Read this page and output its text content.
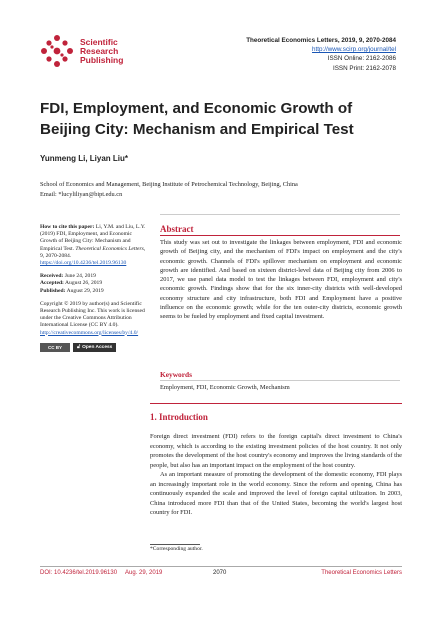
Scientific
Research
Publishing
Theoretical Economics Letters, 2019, 9, 2070-2084
http://www.scirp.org/journal/tel
ISSN Online: 2162-2086
ISSN Print: 2162-2078
FDI, Employment, and Economic Growth of
Beijing City: Mechanism and Empirical Test
Yunmeng Li, Liyan Liu*
School of Economics and Management, Beijing Institute of Petrochemical Technology, Beijing, China
Email: *lucyliliyan@bipt.edu.cn

How to cite this paper: Li, Y.M. and Liu, L.Y. (2019) FDI, Employment, and Economic Growth of Beijing City: Mechanism and Empirical Test. Theoretical Economics Letters, 9, 2070-2084.
https://doi.org/10.4236/tel.2019.96130

Received: June 24, 2019
Accepted: August 26, 2019
Published: August 29, 2019

Copyright © 2019 by author(s) and Scientific Research Publishing Inc. This work is licensed under the Creative Commons Attribution International License (CC BY 4.0).
http://creativecommons.org/licenses/by/4.0/

CC BY	🔓︎ Open Access
Abstract
This study was set out to investigate the linkages between employment, FDI and economic growth of Beijing city, and the mechanism of FDI's impact on employment and the city's economic growth. Channels of FDI's spillover mechanism on employment and economic growth are identified. And based on sixteen district-level data of Beijing city from 2006 to 2017, we use panel data model to test the linkages between FDI, employment and city's economic growth. Findings show that for the six inner-city districts with well-developed economy structure and city infrastructure, both FDI and Employment have a positive influence on the economic growth; while for the ten outer-city districts, economic growth seems to be fueled by employment and fixed capital investment.
Keywords
Employment, FDI, Economic Growth, Mechanism
1. Introduction

Foreign direct investment (FDI) refers to the foreign capital's direct investment to China's economy, which is according to the existing investment policies of the host country. It not only promotes the development of the host country's economy and improves the living standards of the people, but also has an important impact on the employment of the host country.

As an important measure of promoting the development of the domestic economy, FDI plays an increasingly important role in the world economy. Since the reform and opening, China has continuously expanded the scale and improved the level of foreign capital utilization. In 2003, China introduced more FDI than that of the United States, becoming the world's largest host country for FDI.

*Corresponding author.
DOI: 10.4236/tel.2019.96130 Aug. 29, 2019	2070	Theoretical Economics Letters
